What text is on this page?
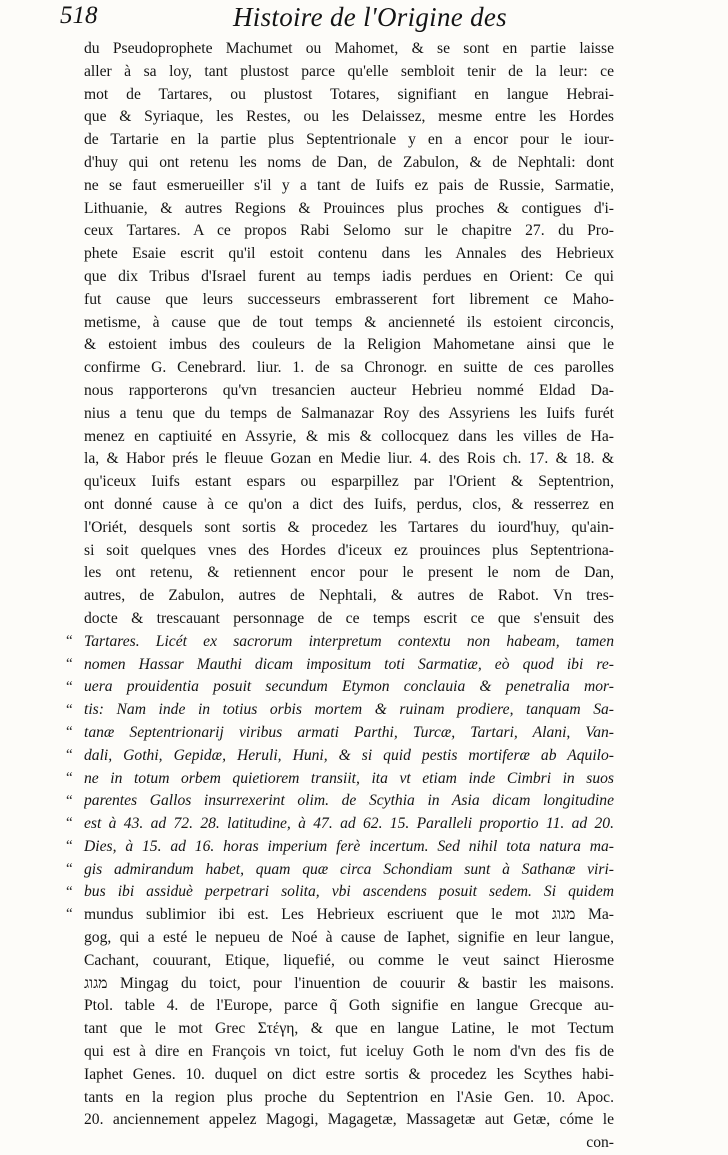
518	Histoire de l'Origine des
du Pseudoprophete Machumet ou Mahomet, & se sont en partie laisse
aller à sa loy, tant plustost parce qu'elle sembloit tenir de la leur: ce
mot de Tartares, ou plustost Totares, signifiant en langue Hebrai-
que & Syriaque, les Restes, ou les Delaissez, mesme entre les Hordes
de Tartarie en la partie plus Septentrionale y en a encor pour le iour-
d'huy qui ont retenu les noms de Dan, de Zabulon, & de Nephtali: dont
ne se faut esmerueiller s'il y a tant de Iuifs ez pais de Russie, Sarmatie,
Lithuanie, & autres Regions & Prouinces plus proches & contigues d'i-
ceux Tartares. A ce propos Rabi Selomo sur le chapitre 27. du Pro-
phete Esaie escrit qu'il estoit contenu dans les Annales des Hebrieux
que dix Tribus d'Israel furent au temps iadis perdues en Orient: Ce qui
fut cause que leurs successeurs embrasserent fort librement ce Maho-
metisme, à cause que de tout temps & ancienneté ils estoient circoncis,
& estoient imbus des couleurs de la Religion Mahometane ainsi que le
confirme G. Cenebrard. liur. 1. de sa Chronogr. en suitte de ces parolles
nous rapporterons qu'vn tresancien aucteur Hebrieu nommé Eldad Da-
nius a tenu que du temps de Salmanazar Roy des Assyriens les Iuifs furét
menez en captiuité en Assyrie, & mis & collocquez dans les villes de Ha-
la, & Habor prés le fleuue Gozan en Medie liur. 4. des Rois ch. 17. & 18. &
qu'iceux Iuifs estant espars ou esparpillez par l'Orient & Septentrion,
ont donné cause à ce qu'on a dict des Iuifs, perdus, clos, & resserrez en
l'Oriét, desquels sont sortis & procedez les Tartares du iourd'huy, qu'ain-
si soit quelques vnes des Hordes d'iceux ez prouinces plus Septentriona-
les ont retenu, & retiennent encor pour le present le nom de Dan,
autres, de Zabulon, autres de Nephtali, & autres de Rabot. Vn tres-
docte & trescauant personnage de ce temps escrit ce que s'ensuit des
Tartares. Licét ex sacrorum interpretum contextu non habeam, tamen
nomen Hassar Mauthi dicam impositum toti Sarmatiæ, eò quod ibi re-
uera prouidentia posuit secundum Etymon conclauia & penetralia mor-
tis: Nam inde in totius orbis mortem & ruinam prodiere, tanquam Sa-
tanæ Septentrionarij viribus armati Parthi, Turcæ, Tartari, Alani, Van-
dali, Gothi, Gepidæ, Heruli, Huni, & si quid pestis mortiferæ ab Aquilo-
ne in totum orbem quietiorem transiit, ita vt etiam inde Cimbri in suos
parentes Gallos insurrexerint olim. de Scythia in Asia dicam longitudine
est à 43. ad 72. 28. latitudine, à 47. ad 62. 15. Paralleli proportio 11. ad 20.
Dies, à 15. ad 16. horas imperium ferè incertum. Sed nihil tota natura ma-
gis admirandum habet, quam quæ circa Schondiam sunt à Sathanæ viri-
bus ibi assiduè perpetrari solita, vbi ascendens posuit sedem. Si quidem
mundus sublimior ibi est. Les Hebrieux escriuent que le mot מגוג Ma-
gog, qui a esté le nepueu de Noé à cause de Iaphet, signifie en leur langue,
Cachant, couurant, Etique, liquefié, ou comme le veut sainct Hierosme
מגוג Mingag du toict, pour l'inuention de couurir & bastir les maisons.
Ptol. table 4. de l'Europe, parce q̃ Goth signifie en langue Grecque au-
tant que le mot Grec Στέγη, & que en langue Latine, le mot Tectum
qui est à dire en François vn toict, fut iceluy Goth le nom d'vn des fis de
Iaphet Genes. 10. duquel on dict estre sortis & procedez les Scythes habi-
tants en la region plus proche du Septentrion en l'Asie Gen. 10. Apoc.
20. anciennement appelez Magogi, Magagetæ, Massagetæ aut Getæ, cóme le
con-
“
“
“
“
“
“
“
“
“
“
“
“
“
